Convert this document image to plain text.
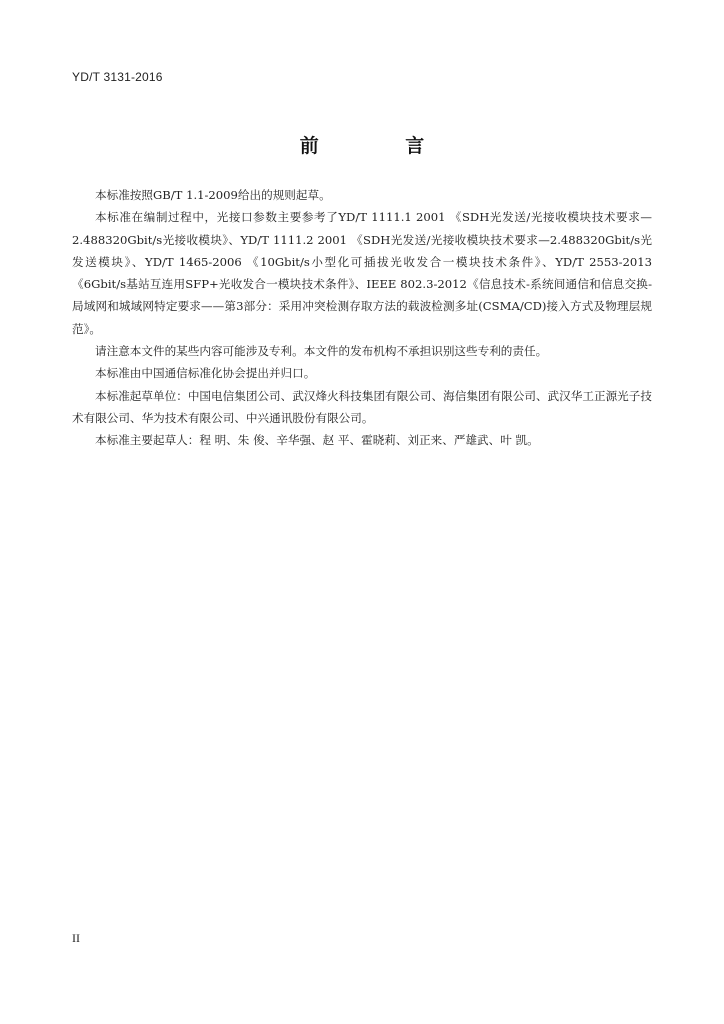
YD/T 3131-2016
前 言

本标准按照GB/T 1.1-2009给出的规则起草。

本标准在编制过程中，光接口参数主要参考了YD/T 1111.1 2001 《SDH光发送/光接收模块技术要求—2.488320Gbit/s光接收模块》、YD/T 1111.2 2001 《SDH光发送/光接收模块技术要求—2.488320Gbit/s光发送模块》、YD/T 1465-2006 《10Gbit/s小型化可插拔光收发合一模块技术条件》、YD/T 2553-2013 《6Gbit/s基站互连用SFP+光收发合一模块技术条件》、IEEE 802.3-2012《信息技术-系统间通信和信息交换-局域网和城域网特定要求——第3部分：采用冲突检测存取方法的载波检测多址(CSMA/CD)接入方式及物理层规范》。

请注意本文件的某些内容可能涉及专利。本文件的发布机构不承担识别这些专利的责任。

本标准由中国通信标准化协会提出并归口。

本标准起草单位：中国电信集团公司、武汉烽火科技集团有限公司、海信集团有限公司、武汉华工正源光子技术有限公司、华为技术有限公司、中兴通讯股份有限公司。

本标准主要起草人：程 明、朱 俊、辛华强、赵 平、霍晓莉、刘正来、严雄武、叶 凯。

II
